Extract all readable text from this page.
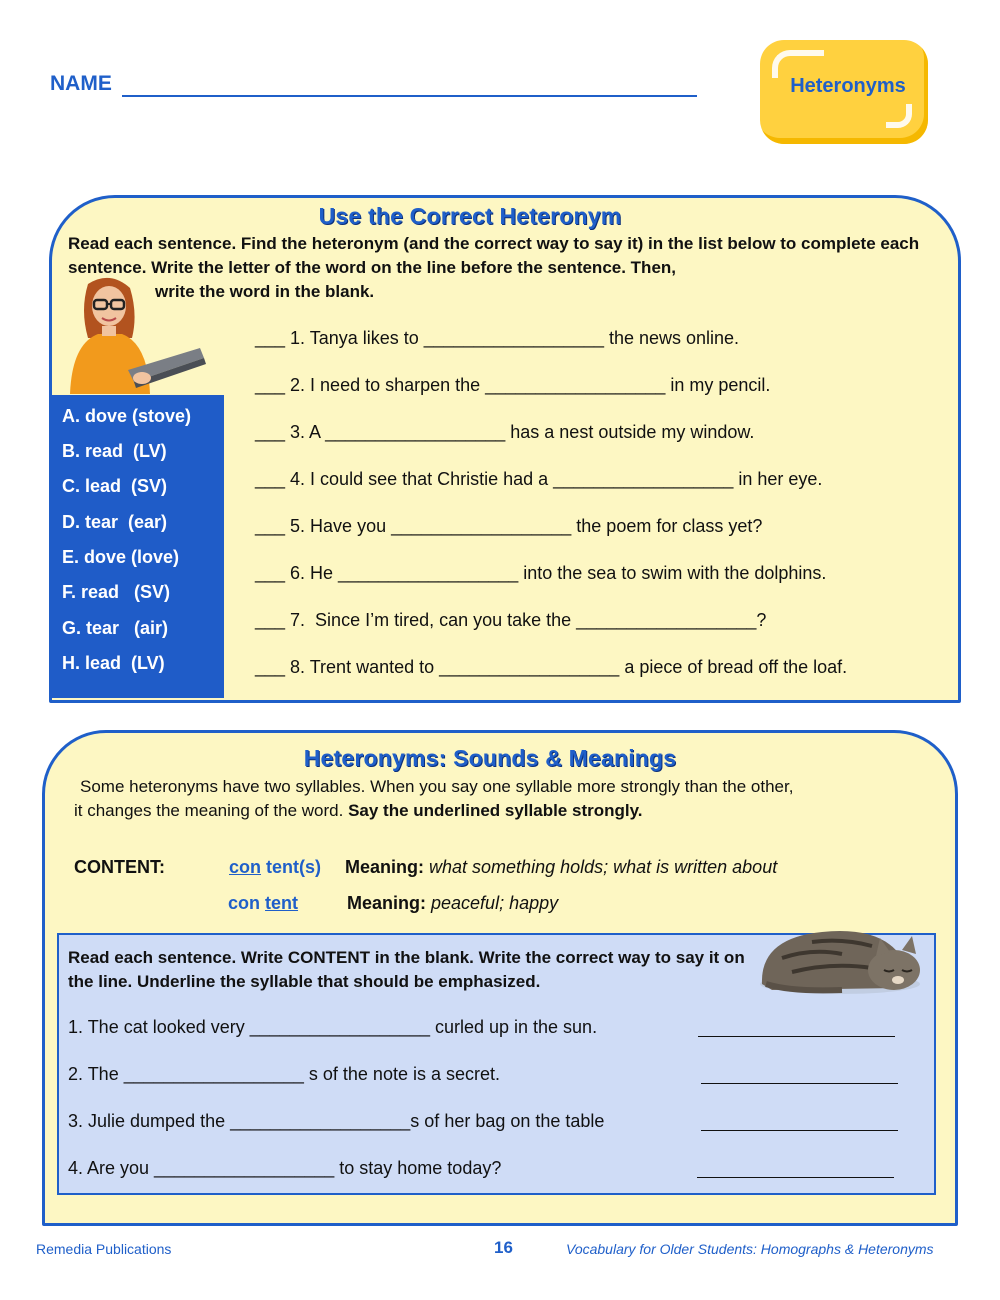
NAME	Heteronyms
Use the Correct Heteronym
Read each sentence. Find the heteronym (and the correct way to say it) in the list below to complete each sentence. Write the letter of the word on the line before the sentence. Then,
write the word in the blank.
A. dove (stove)
B. read  (LV)
C. lead  (SV)
D. tear  (ear)
E. dove (love)
F. read   (SV)
G. tear   (air)
H. lead  (LV)
___ 1. Tanya likes to __________________ the news online.
___ 2. I need to sharpen the __________________ in my pencil.
___ 3. A __________________ has a nest outside my window.
___ 4. I could see that Christie had a __________________ in her eye.
___ 5. Have you __________________ the poem for class yet?
___ 6. He __________________ into the sea to swim with the dolphins.
___ 7.  Since I’m tired, can you take the __________________?
___ 8. Trent wanted to __________________ a piece of bread off the loaf.
Heteronyms: Sounds & Meanings
Some heteronyms have two syllables. When you say one syllable more strongly than the other,
it changes the meaning of the word. Say the underlined syllable strongly.
CONTENT:	con tent(s) Meaning: what something holds; what is written about
con tent	Meaning: peaceful; happy
Read each sentence. Write CONTENT in the blank. Write the correct way to say it on the line. Underline the syllable that should be emphasized.
1. The cat looked very __________________ curled up in the sun.
2. The __________________ s of the note is a secret.
3. Julie dumped the __________________s of her bag on the table
4. Are you __________________ to stay home today?
Remedia Publications	16	Vocabulary for Older Students: Homographs & Heteronyms
